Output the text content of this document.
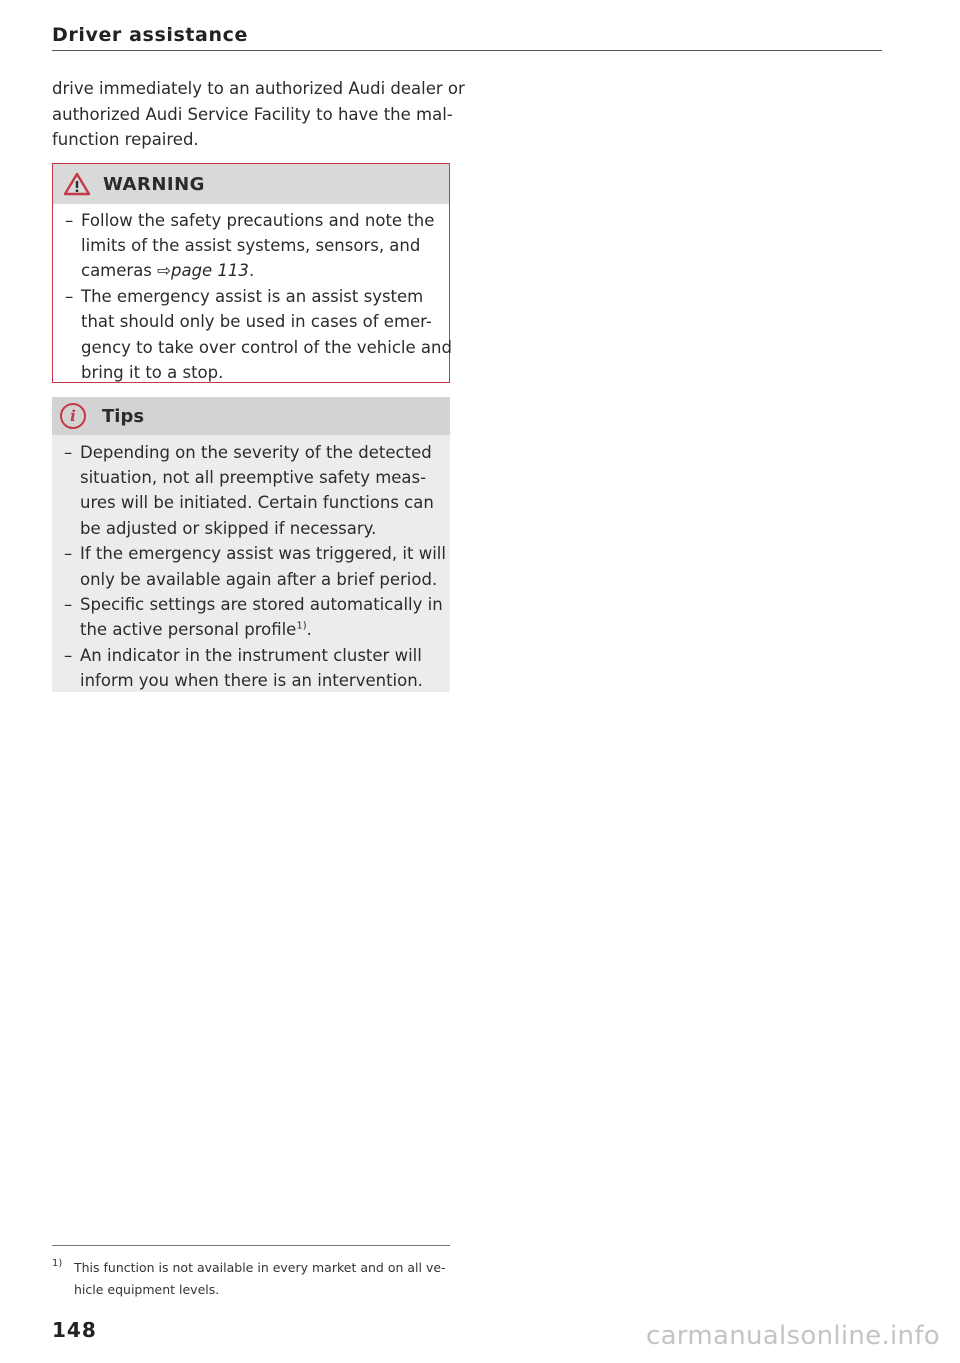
Driver assistance

drive immediately to an authorized Audi dealer or
authorized Audi Service Facility to have the mal-
function repaired.

WARNING
– Follow the safety precautions and note the
limits of the assist systems, sensors, and
cameras ⇨page 113.
– The emergency assist is an assist system
that should only be used in cases of emer-
gency to take over control of the vehicle and
bring it to a stop.
i	Tips
– Depending on the severity of the detected
situation, not all preemptive safety meas-
ures will be initiated. Certain functions can
be adjusted or skipped if necessary.
– If the emergency assist was triggered, it will
only be available again after a brief period.
– Specific settings are stored automatically in
the active personal profile$^{1)}$.
– An indicator in the instrument cluster will
inform you when there is an intervention.
1) This function is not available in every market and on all ve-
hicle equipment levels.
148	carmanualsonline.info
